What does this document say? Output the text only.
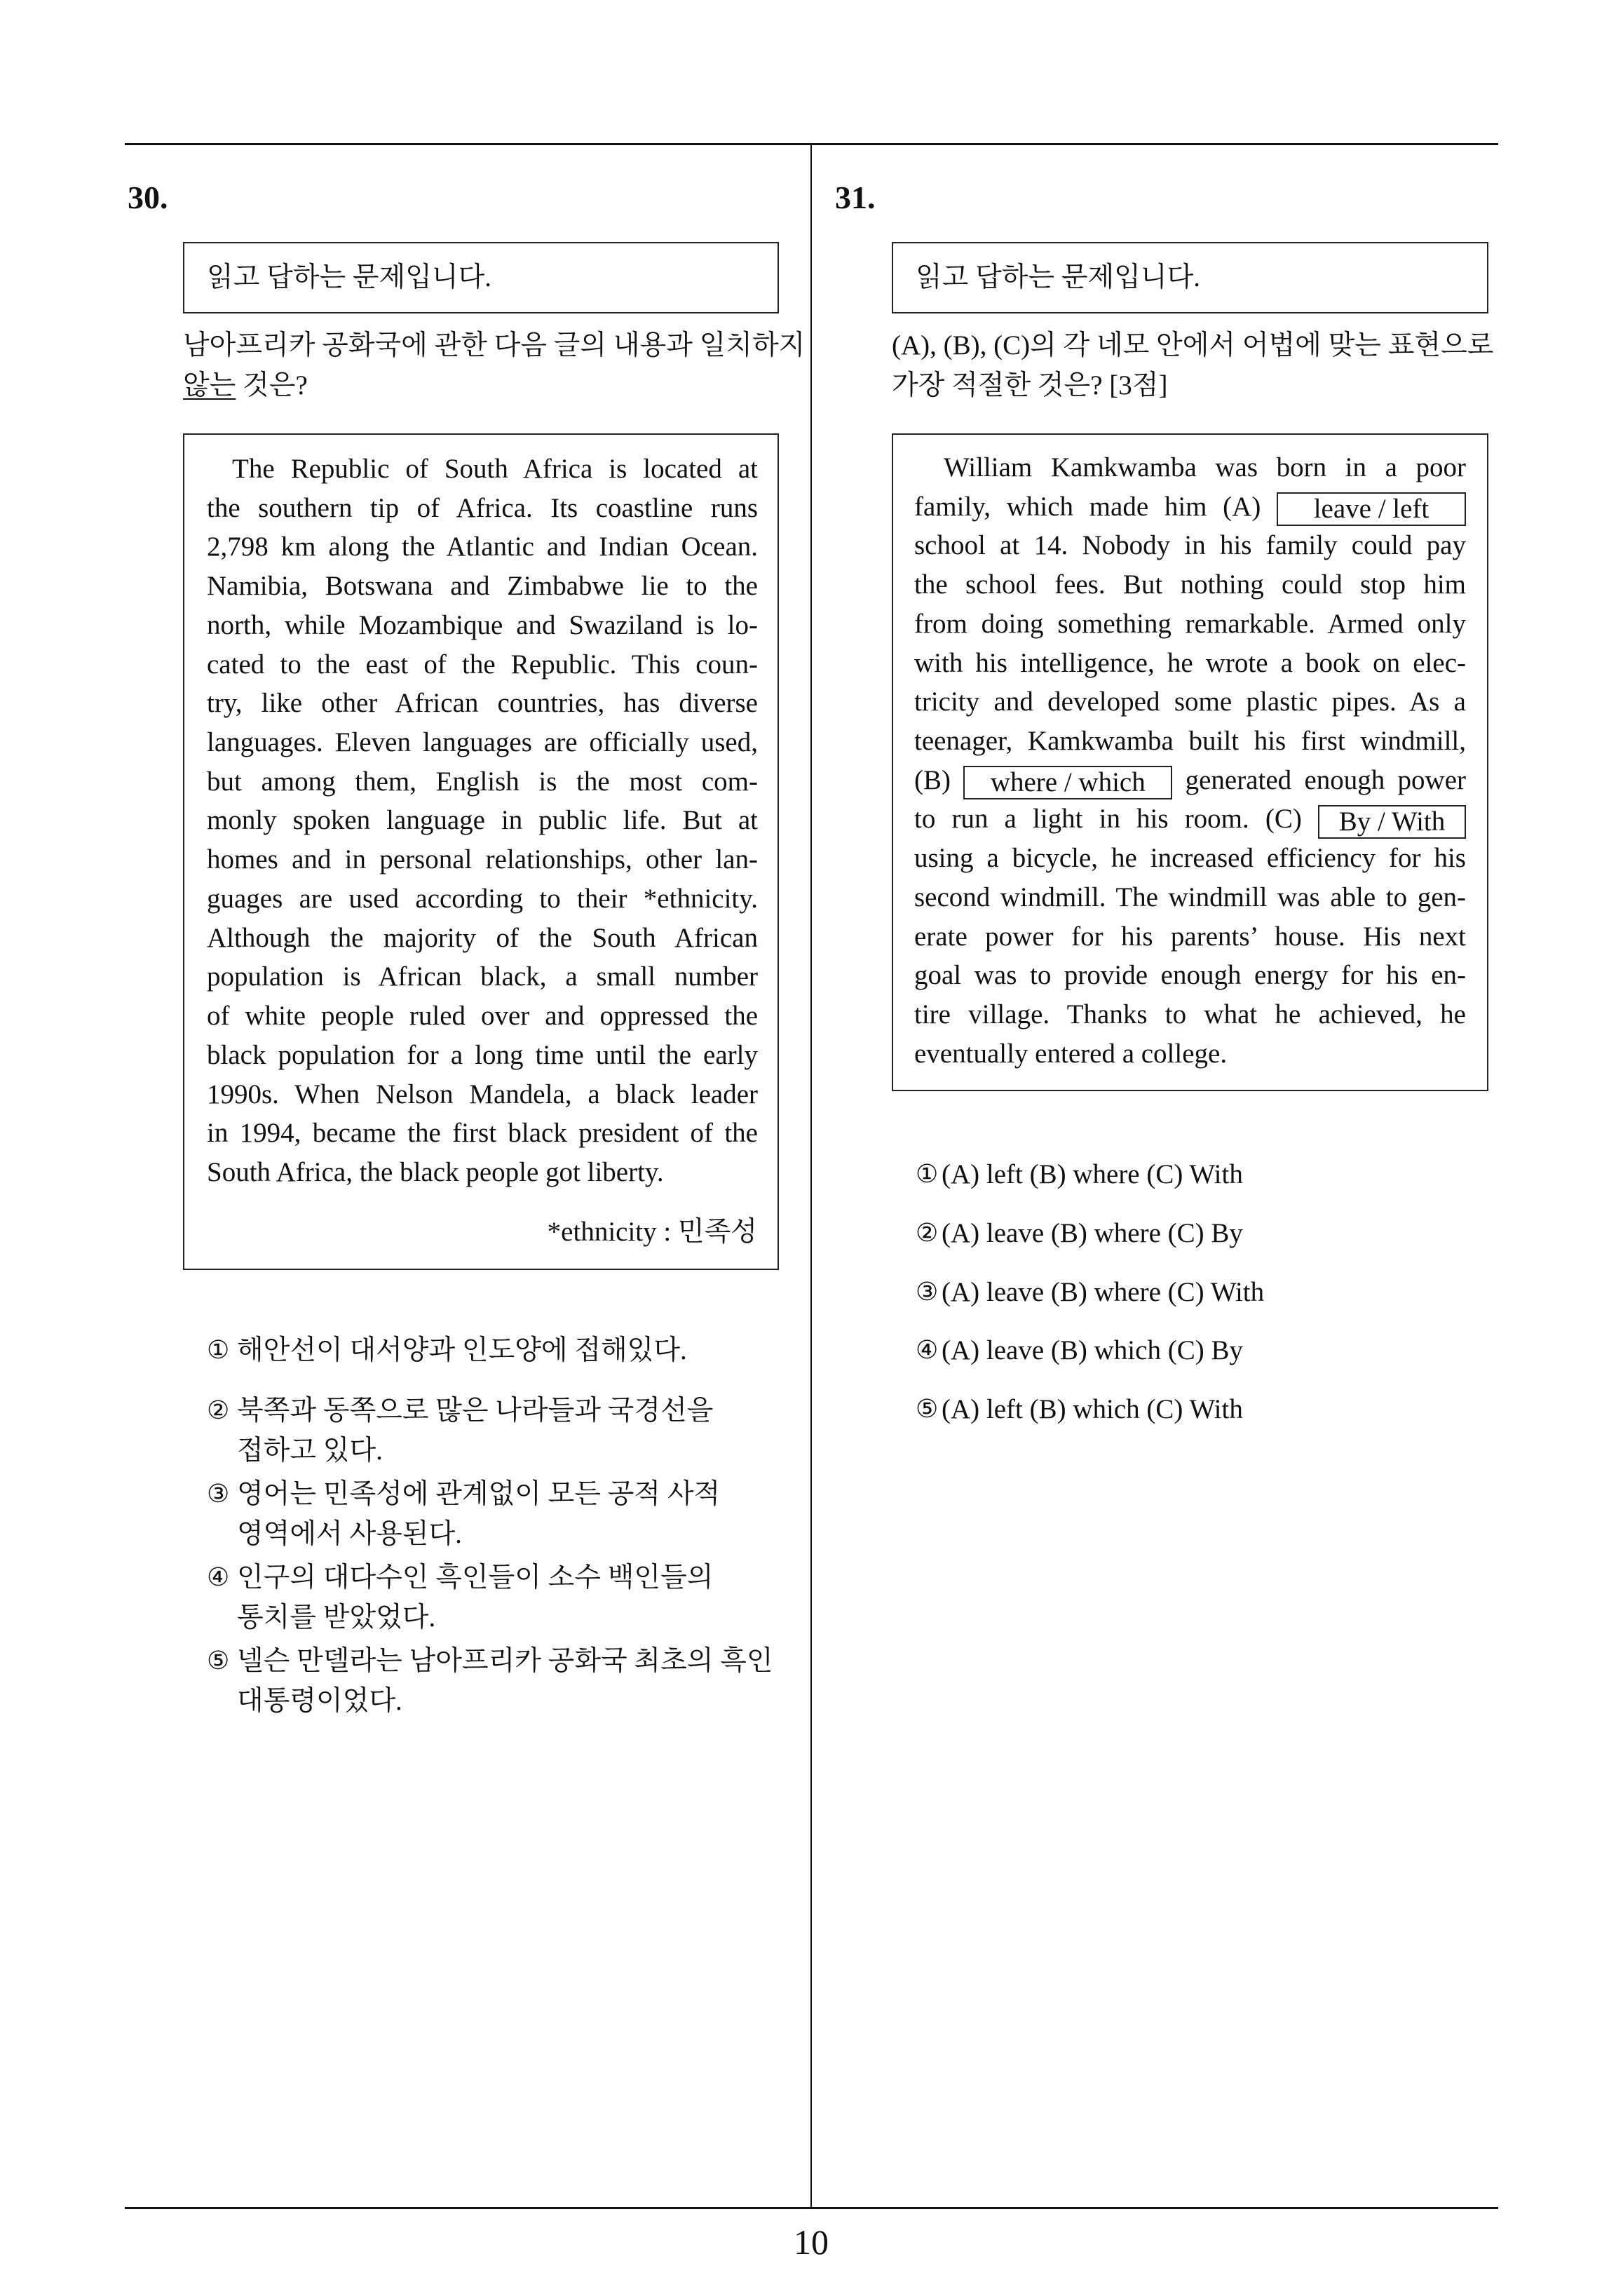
30.
읽고 답하는 문제입니다.
남아프리카 공화국에 관한 다음 글의 내용과 일치하지
않는 것은?
The Republic of South Africa is located at
the southern tip of Africa. Its coastline runs
2,798 km along the Atlantic and Indian Ocean.
Namibia, Botswana and Zimbabwe lie to the
north, while Mozambique and Swaziland is lo-
cated to the east of the Republic. This coun-
try, like other African countries, has diverse
languages. Eleven languages are officially used,
but among them, English is the most com-
monly spoken language in public life. But at
homes and in personal relationships, other lan-
guages are used according to their *ethnicity.
Although the majority of the South African
population is African black, a small number
of white people ruled over and oppressed the
black population for a long time until the early
1990s. When Nelson Mandela, a black leader
in 1994, became the first black president of the
South Africa, the black people got liberty.
*ethnicity : 민족성
① 해안선이 대서양과 인도양에 접해있다.
② 북쪽과 동쪽으로 많은 나라들과 국경선을
접하고 있다.
③ 영어는 민족성에 관계없이 모든 공적 사적
영역에서 사용된다.
④ 인구의 대다수인 흑인들이 소수 백인들의
통치를 받았었다.
⑤ 넬슨 만델라는 남아프리카 공화국 최초의 흑인
대통령이었다.
31.
읽고 답하는 문제입니다.
(A), (B), (C)의 각 네모 안에서 어법에 맞는 표현으로
가장 적절한 것은? [3점]
William Kamkwamba was born in a poor
family, which made him (A) leave / left
school at 14. Nobody in his family could pay
the school fees. But nothing could stop him
from doing something remarkable. Armed only
with his intelligence, he wrote a book on elec-
tricity and developed some plastic pipes. As a
teenager, Kamkwamba built his first windmill,
(B) where / which generated enough power
to run a light in his room. (C) By / With
using a bicycle, he increased efficiency for his
second windmill. The windmill was able to gen-
erate power for his parents’ house. His next
goal was to provide enough energy for his en-
tire village. Thanks to what he achieved, he
eventually entered a college.
① (A) left (B) where (C) With
② (A) leave (B) where (C) By
③ (A) leave (B) where (C) With
④ (A) leave (B) which (C) By
⑤ (A) left (B) which (C) With
10
